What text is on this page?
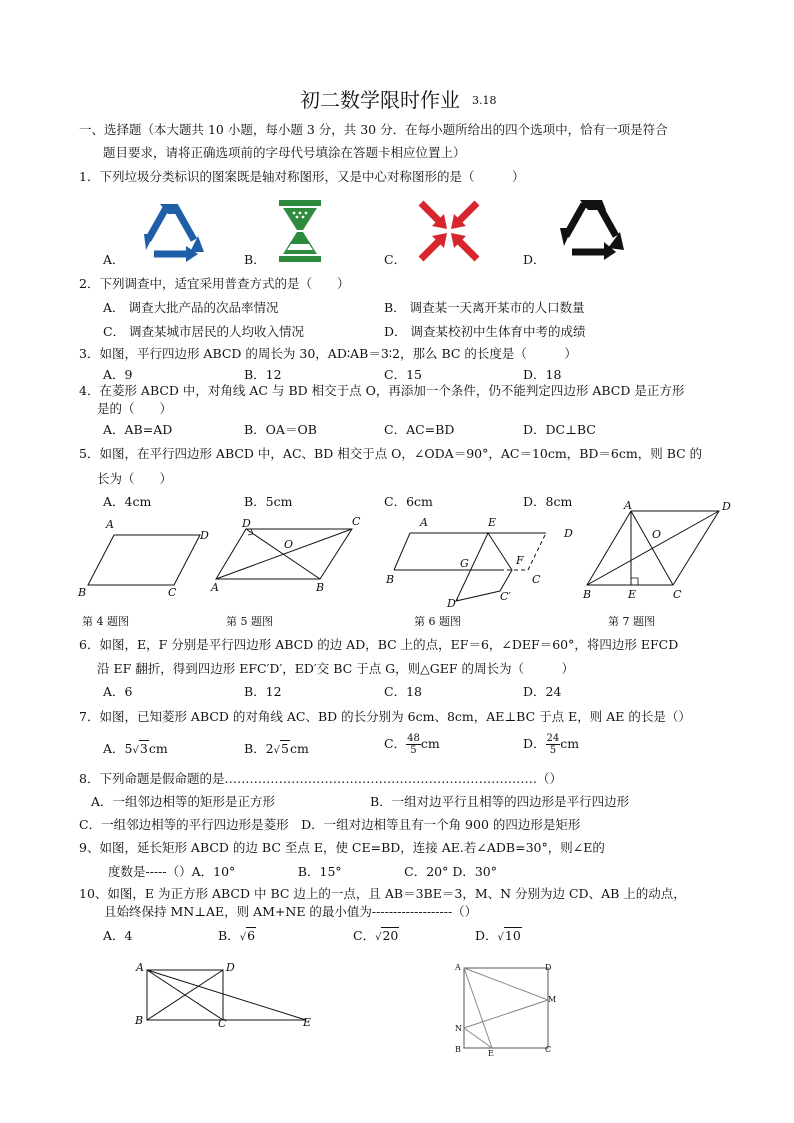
初二数学限时作业 3.18
一、选择题（本大题共 10 小题，每小题 3 分，共 30 分．在每小题所给出的四个选项中，恰有一项是符合
题目要求，请将正确选项前的字母代号填涂在答题卡相应位置上）
1．下列垃圾分类标识的图案既是轴对称图形，又是中心对称图形的是（　　　）
A．	B．	C．	D．
2．下列调查中，适宜采用普查方式的是（　　）
A． 调查大批产品的次品率情况	B． 调查某一天离开某市的人口数量
C． 调查某城市居民的人均收入情况	D． 调查某校初中生体育中考的成绩
3．如图，平行四边形 ABCD 的周长为 30，AD∶AB＝3∶2，那么 BC 的长度是（　　　）
A．9	B．12	C．15	D．18
4．在菱形 ABCD 中，对角线 AC 与 BD 相交于点 O，再添加一个条件，仍不能判定四边形 ABCD 是正方形
是的（　　）
A．AB=AD	B．OA＝OB	C．AC=BD	D．DC⊥BC
5．如图，在平行四边形 ABCD 中，AC、BD 相交于点 O，∠ODA＝90°，AC＝10cm，BD＝6cm，则 BC 的
长为（　　）
A．4cm	B．5cm	C．6cm	D．8cm
A
D
B	C
D	C
O
A	B
A	E
D
G	F
B	C
D′
C′
A	D
O
B	E	C
第 4 题图	第 5 题图	第 6 题图	第 7 题图
6．如图，E，F 分别是平行四边形 ABCD 的边 AD，BC 上的点，EF＝6，∠DEF＝60°，将四边形 EFCD
沿 EF 翻折，得到四边形 EFC′D′，ED′交 BC 于点 G，则△GEF 的周长为（　　　）
A．6	B．12	C．18	D．24
7．如图，已知菱形 ABCD 的对角线 AC、BD 的长分别为 6cm、8cm，AE⊥BC 于点 E，则 AE 的长是（）
A．5√3cm	B．2√5cm	C． $\frac{48}{5}$ cm	D． $\frac{24}{5}$ cm
8．下列命题是假命题的是…………………………………………………………………（）
A．一组邻边相等的矩形是正方形	B．一组对边平行且相等的四边形是平行四边形
C．一组邻边相等的平行四边形是菱形　D．一组对边相等且有一个角 900 的四边形是矩形
9、如图，延长矩形 ABCD 的边 BC 至点 E，使 CE=BD，连接 AE.若∠ADB=30°，则∠E的
度数是-----（）A．10°　　　　　B．15°　　　　　C．20° D．30°
10、如图，E 为正方形 ABCD 中 BC 边上的一点，且 AB＝3BE＝3，M、N 分别为边 CD、AB 上的动点，
且始终保持 MN⊥AE，则 AM+NE 的最小值为-------------------（）
A．4	B．√6	C．√20	D．√10
A	D
B	C	E
A	D
M
N
B	E	C
